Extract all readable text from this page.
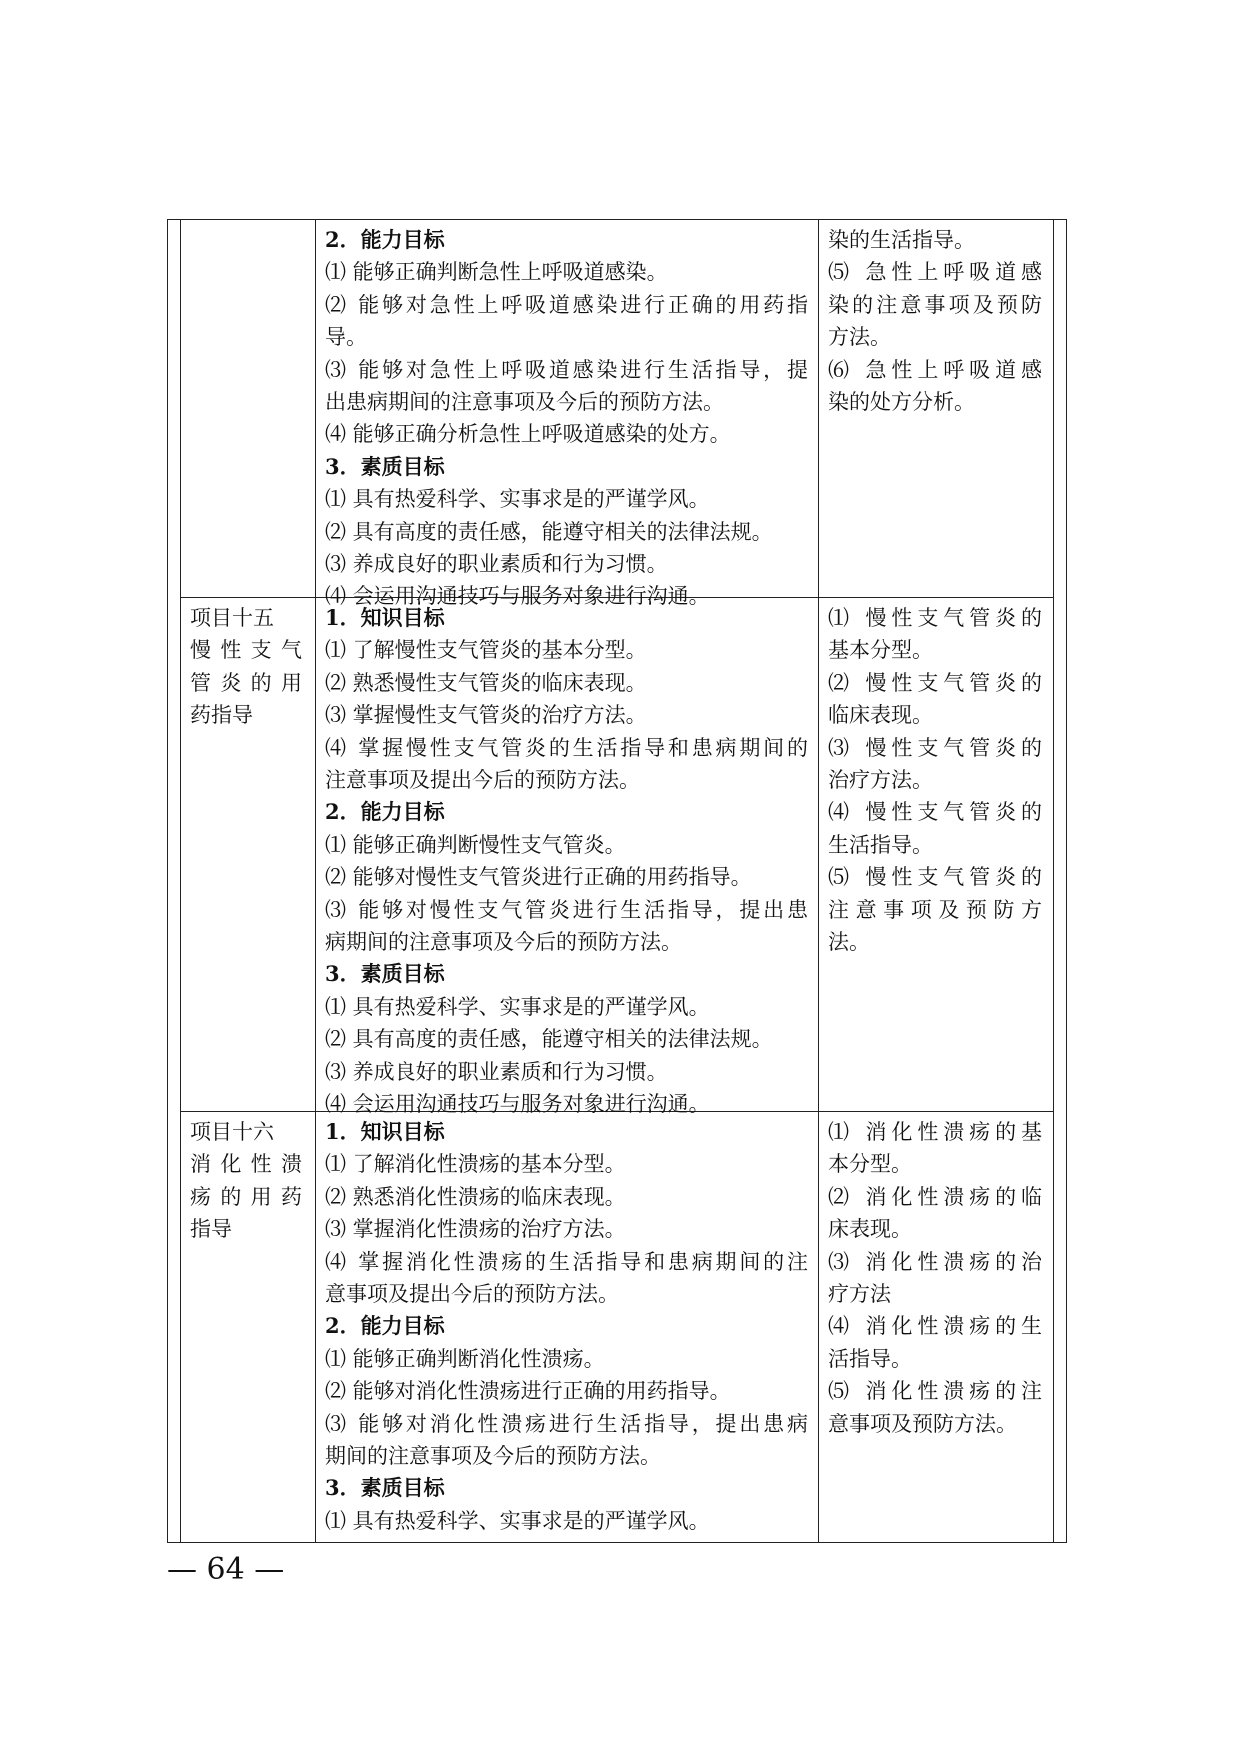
2．能力目标

⑴ 能够正确判断急性上呼吸道感染。

⑵ 能够对急性上呼吸道感染进行正确的用药指

导。

⑶ 能够对急性上呼吸道感染进行生活指导，提

出患病期间的注意事项及今后的预防方法。

⑷ 能够正确分析急性上呼吸道感染的处方。

3．素质目标

⑴ 具有热爱科学、实事求是的严谨学风。

⑵ 具有高度的责任感，能遵守相关的法律法规。

⑶ 养成良好的职业素质和行为习惯。

⑷ 会运用沟通技巧与服务对象进行沟通。

染的生活指导。

⑸ 急性上呼吸道感

染的注意事项及预防

方法。

⑹ 急性上呼吸道感

染的处方分析。

项目十五

慢性支气

管炎的用

药指导

1．知识目标

⑴ 了解慢性支气管炎的基本分型。

⑵ 熟悉慢性支气管炎的临床表现。

⑶ 掌握慢性支气管炎的治疗方法。

⑷ 掌握慢性支气管炎的生活指导和患病期间的

注意事项及提出今后的预防方法。

2．能力目标

⑴ 能够正确判断慢性支气管炎。

⑵ 能够对慢性支气管炎进行正确的用药指导。

⑶ 能够对慢性支气管炎进行生活指导，提出患

病期间的注意事项及今后的预防方法。

3．素质目标

⑴ 具有热爱科学、实事求是的严谨学风。

⑵ 具有高度的责任感，能遵守相关的法律法规。

⑶ 养成良好的职业素质和行为习惯。

⑷ 会运用沟通技巧与服务对象进行沟通。

⑴ 慢性支气管炎的

基本分型。

⑵ 慢性支气管炎的

临床表现。

⑶ 慢性支气管炎的

治疗方法。

⑷ 慢性支气管炎的

生活指导。

⑸ 慢性支气管炎的

注意事项及预防方

法。

项目十六

消化性溃

疡的用药

指导

1．知识目标

⑴ 了解消化性溃疡的基本分型。

⑵ 熟悉消化性溃疡的临床表现。

⑶ 掌握消化性溃疡的治疗方法。

⑷ 掌握消化性溃疡的生活指导和患病期间的注

意事项及提出今后的预防方法。

2．能力目标

⑴ 能够正确判断消化性溃疡。

⑵ 能够对消化性溃疡进行正确的用药指导。

⑶ 能够对消化性溃疡进行生活指导，提出患病

期间的注意事项及今后的预防方法。

3．素质目标

⑴ 具有热爱科学、实事求是的严谨学风。

⑴ 消化性溃疡的基

本分型。

⑵ 消化性溃疡的临

床表现。

⑶ 消化性溃疡的治

疗方法

⑷ 消化性溃疡的生

活指导。

⑸ 消化性溃疡的注

意事项及预防方法。

— 64 —
